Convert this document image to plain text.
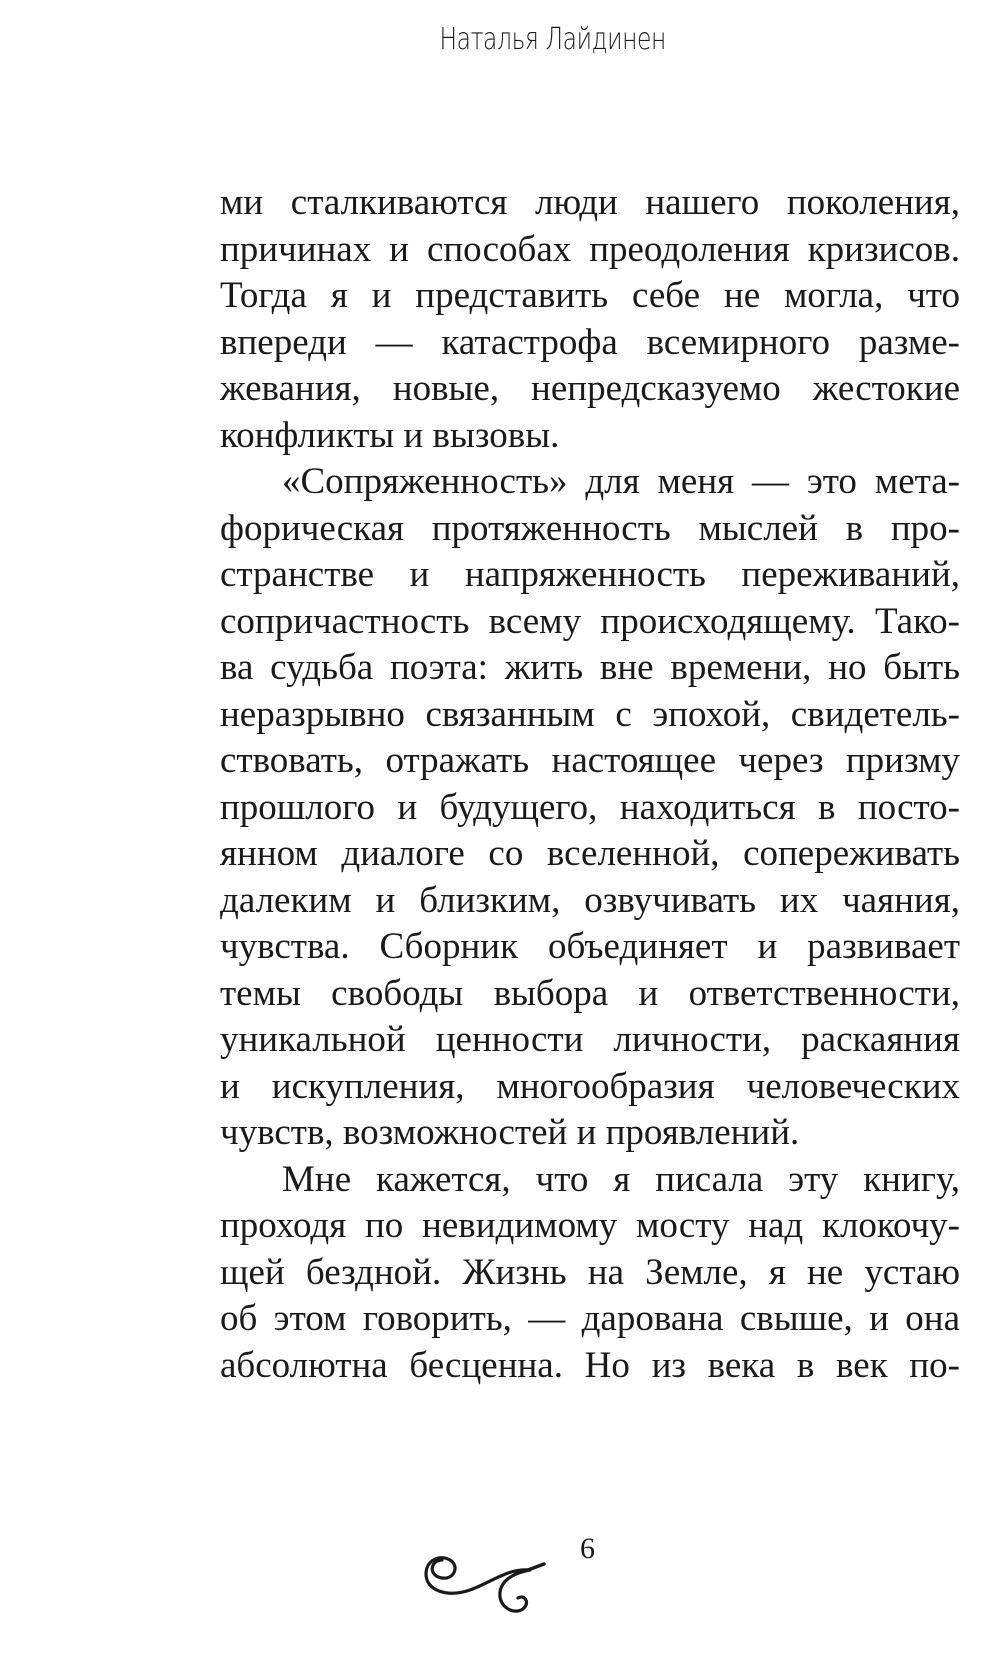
Наталья Лайдинен
ми сталкиваются люди нашего поколения,
причинах и способах преодоления кризисов.
Тогда я и представить себе не могла, что
впереди — катастрофа всемирного разме-
жевания, новые, непредсказуемо жестокие
конфликты и вызовы.
«Сопряженность» для меня — это мета-
форическая протяженность мыслей в про-
странстве и напряженность переживаний,
сопричастность всему происходящему. Тако-
ва судьба поэта: жить вне времени, но быть
неразрывно связанным с эпохой, свидетель-
ствовать, отражать настоящее через призму
прошлого и будущего, находиться в посто-
янном диалоге со вселенной, сопереживать
далеким и близким, озвучивать их чаяния,
чувства. Сборник объединяет и развивает
темы свободы выбора и ответственности,
уникальной ценности личности, раскаяния
и искупления, многообразия человеческих
чувств, возможностей и проявлений.
Мне кажется, что я писала эту книгу,
проходя по невидимому мосту над клокочу-
щей бездной. Жизнь на Земле, я не устаю
об этом говорить, — дарована свыше, и она
абсолютна бесценна. Но из века в век по-
6
